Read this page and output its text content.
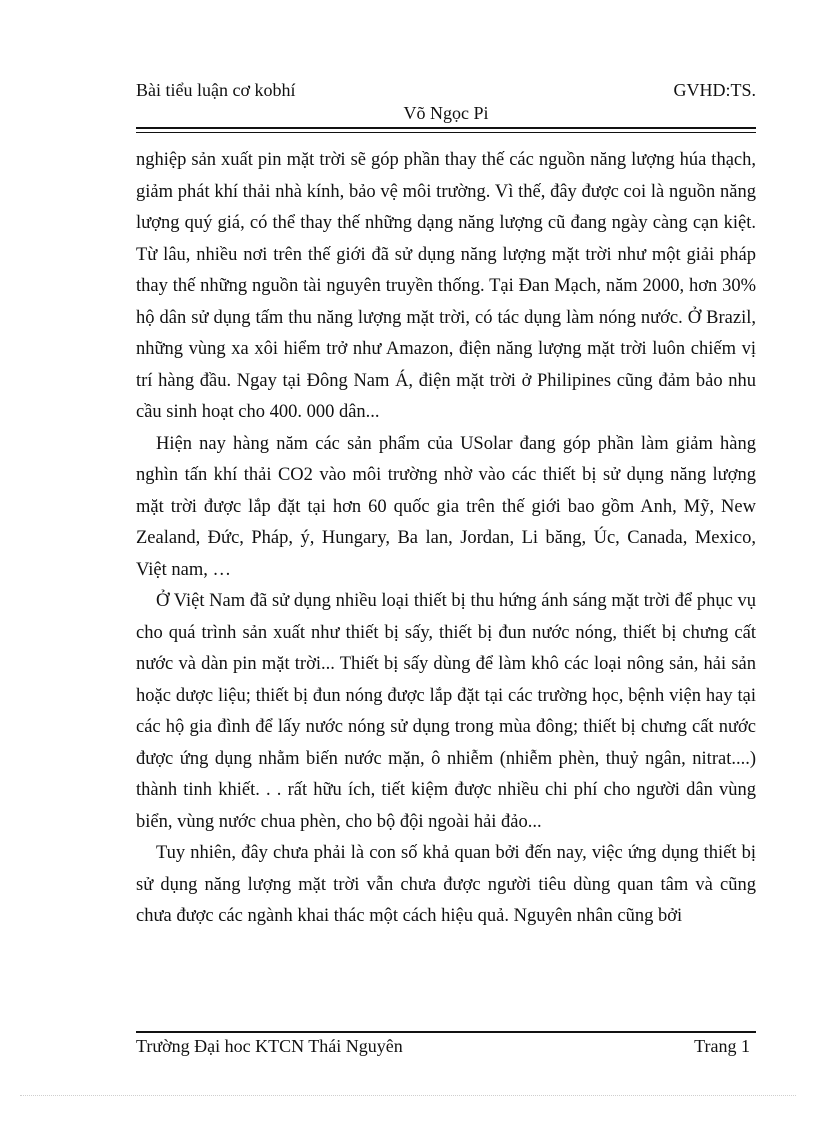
Bài tiểu luận cơ kobhí	GVHD:TS.
Võ Ngọc Pi

nghiệp sản xuất pin mặt trời sẽ góp phần thay thế các nguồn năng lượng húa thạch, giảm phát khí thải nhà kính, bảo vệ môi trường. Vì thế, đây được coi là nguồn năng lượng quý giá, có thể thay thế những dạng năng lượng cũ đang ngày càng cạn kiệt. Từ lâu, nhiều nơi trên thế giới đã sử dụng năng lượng mặt trời như một giải pháp thay thế những nguồn tài nguyên truyền thống. Tại Đan Mạch, năm 2000, hơn 30% hộ dân sử dụng tấm thu năng lượng mặt trời, có tác dụng làm nóng nước. Ở Brazil, những vùng xa xôi hiểm trở như Amazon, điện năng lượng mặt trời luôn chiếm vị trí hàng đầu. Ngay tại Đông Nam Á, điện mặt trời ở Philipines cũng đảm bảo nhu cầu sinh hoạt cho 400. 000 dân...

Hiện nay hàng năm các sản phẩm của USolar đang góp phần làm giảm hàng nghìn tấn khí thải CO2 vào môi trường nhờ vào các thiết bị sử dụng năng lượng mặt trời được lắp đặt tại hơn 60 quốc gia trên thế giới bao gồm Anh, Mỹ, New Zealand, Đức, Pháp, ý, Hungary, Ba lan, Jordan, Li băng, Úc, Canada, Mexico, Việt nam, …

Ở Việt Nam đã sử dụng nhiều loại thiết bị thu hứng ánh sáng mặt trời để phục vụ cho quá trình sản xuất như thiết bị sấy, thiết bị đun nước nóng, thiết bị chưng cất nước và dàn pin mặt trời... Thiết bị sấy dùng để làm khô các loại nông sản, hải sản hoặc dược liệu; thiết bị đun nóng được lắp đặt tại các trường học, bệnh viện hay tại các hộ gia đình để lấy nước nóng sử dụng trong mùa đông; thiết bị chưng cất nước được ứng dụng nhằm biến nước mặn, ô nhiễm (nhiễm phèn, thuỷ ngân, nitrat....) thành tinh khiết. . . rất hữu ích, tiết kiệm được nhiều chi phí cho người dân vùng biển, vùng nước chua phèn, cho bộ đội ngoài hải đảo...

Tuy nhiên, đây chưa phải là con số khả quan bởi đến nay, việc ứng dụng thiết bị sử dụng năng lượng mặt trời vẫn chưa được người tiêu dùng quan tâm và cũng chưa được các ngành khai thác một cách hiệu quả. Nguyên nhân cũng bởi

Trường Đại hoc KTCN Thái Nguyên	Trang 1
